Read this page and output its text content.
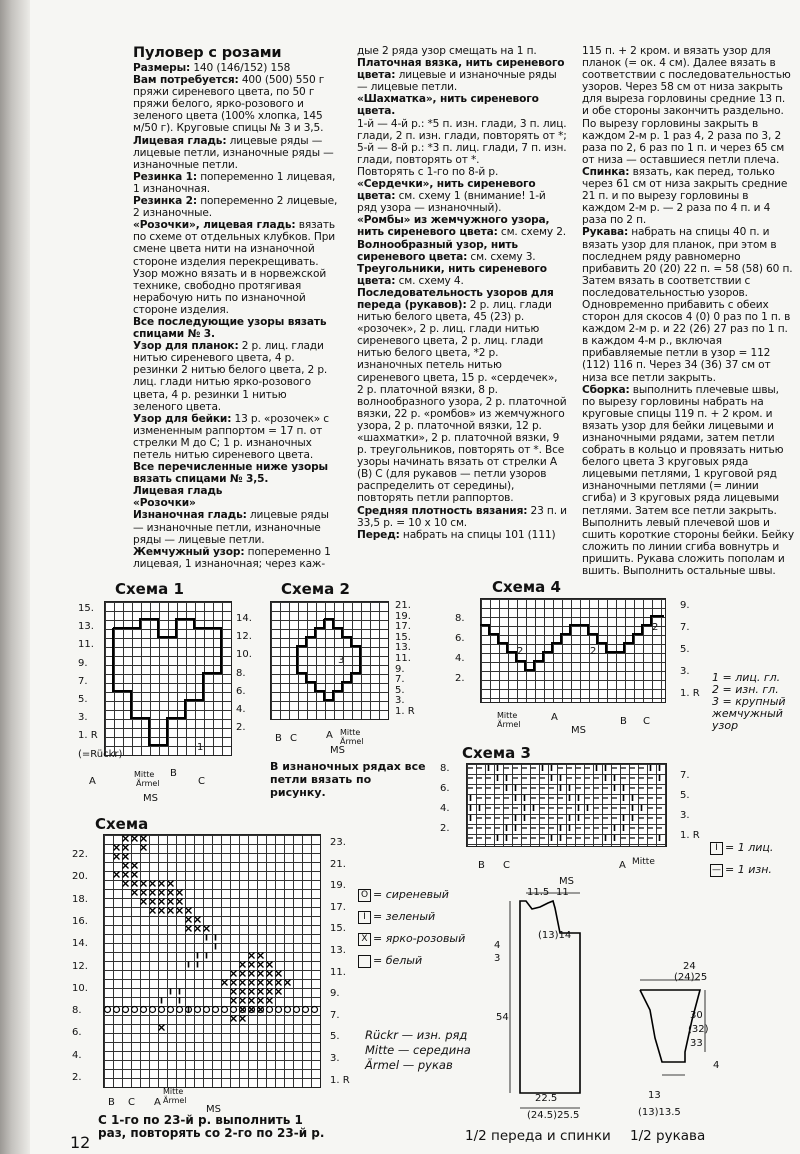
Пуловер с розами

Размеры: 140 (146/152) 158

Вам потребуется: 400 (500) 550 г пряжи сиреневого цвета, по 50 г пряжи белого, ярко-розового и зеленого цвета (100% хлопка, 145 м/50 г). Круговые спицы № 3 и 3,5.

Лицевая гладь: лицевые ряды — лицевые петли, изнаночные ряды — изнаночные петли.

Резинка 1: попеременно 1 лицевая, 1 изнаночная.

Резинка 2: попеременно 2 лицевые, 2 изнаночные.

«Розочки», лицевая гладь: вязать по схеме от отдельных клубков. При смене цвета нити на изнаночной стороне изделия перекрещивать. Узор можно вязать и в норвежской технике, свободно протягивая нерабочую нить по изнаночной стороне изделия.

Все последующие узоры вязать спицами № 3.

Узор для планок: 2 р. лиц. глади нитью сиреневого цвета, 4 р. резинки 2 нитью белого цвета, 2 р. лиц. глади нитью ярко-розового цвета, 4 р. резинки 1 нитью зеленого цвета.

Узор для бейки: 13 р. «розочек» с измененным раппортом = 17 п. от стрелки М до С; 1 р. изнаночных петель нитью сиреневого цвета.

Все перечисленные ниже узоры вязать спицами № 3,5.

Лицевая гладь

«Розочки»

Изнаночная гладь: лицевые ряды — изнаночные петли, изнаночные ряды — лицевые петли.

Жемчужный узор: попеременно 1 лицевая, 1 изнаночная; через каж-

дые 2 ряда узор смещать на 1 п.

Платочная вязка, нить сиреневого цвета: лицевые и изнаночные ряды — лицевые петли.

«Шахматка», нить сиреневого цвета.

1-й — 4-й р.: *5 п. изн. глади, 3 п. лиц. глади, 2 п. изн. глади, повторять от *;

5-й — 8-й р.: *3 п. лиц. глади, 7 п. изн. глади, повторять от *.

Повторять с 1-го по 8-й р.

«Сердечки», нить сиреневого цвета: см. схему 1 (внимание! 1-й ряд узора — изнаночный).

«Ромбы» из жемчужного узора, нить сиреневого цвета: см. схему 2.

Волнообразный узор, нить сиреневого цвета: см. схему 3.

Треугольники, нить сиреневого цвета: см. схему 4.

Последовательность узоров для переда (рукавов): 2 р. лиц. глади нитью белого цвета, 45 (23) р. «розочек», 2 р. лиц. глади нитью сиреневого цвета, 2 р. лиц. глади нитью белого цвета, *2 р. изнаночных петель нитью сиреневого цвета, 15 р. «сердечек», 2 р. платочной вязки, 8 р. волнообразного узора, 2 р. платочной вязки, 22 р. «ромбов» из жемчужного узора, 2 р. платочной вязки, 12 р. «шахматки», 2 р. платочной вязки, 9 р. треугольников, повторять от *. Все узоры начинать вязать от стрелки А (В) С (для рукавов — петли узоров распределить от середины), повторять петли раппортов.

Средняя плотность вязания: 23 п. и 33,5 р. = 10 х 10 см.

Перед: набрать на спицы 101 (111)

115 п. + 2 кром. и вязать узор для планок (= ок. 4 см). Далее вязать в соответствии с последовательностью узоров. Через 58 см от низа закрыть для выреза горловины средние 13 п. и обе стороны закончить раздельно. По вырезу горловины закрыть в каждом 2-м р. 1 раз 4, 2 раза по 3, 2 раза по 2, 6 раз по 1 п. и через 65 см от низа — оставшиеся петли плеча.

Спинка: вязать, как перед, только через 61 см от низа закрыть средние 21 п. и по вырезу горловины в каждом 2-м р. — 2 раза по 4 п. и 4 раза по 2 п.

Рукава: набрать на спицы 40 п. и вязать узор для планок, при этом в последнем ряду равномерно прибавить 20 (20) 22 п. = 58 (58) 60 п. Затем вязать в соответствии с последовательностью узоров. Одновременно прибавить с обеих сторон для скосов 4 (0) 0 раз по 1 п. в каждом 2-м р. и 22 (26) 27 раз по 1 п. в каждом 4-м р., включая прибавляемые петли в узор = 112 (112) 116 п. Через 34 (36) 37 см от низа все петли закрыть.

Сборка: выполнить плечевые швы, по вырезу горловины набрать на круговые спицы 119 п. + 2 кром. и вязать узор для бейки лицевыми и изнаночными рядами, затем петли собрать в кольцо и провязать нитью белого цвета 3 круговых ряда лицевыми петлями, 1 круговой ряд изнаночными петлями (= линии сгиба) и 3 круговых ряда лицевыми петлями. Затем все петли закрыть. Выполнить левый плечевой шов и сшить короткие стороны бейки. Бейку сложить по линии сгиба вовнутрь и пришить. Рукава сложить пополам и вшить. Выполнить остальные швы.

Схема 1
1
15.
13.
11.
9.
7.
5.
3.
1. R
(=Rückr)
14.
12.
10.
8.
6.
4.
2.
A
Mitte
Ärmel
B
C
MS
Схема 2
3
21.
19.
17.
15.
13.
11.
9.
7.
5.
3.
1. R
B C	A Mitte Ärmel
MS
В изнаночных рядах все петли вязать по рисунку.
Схема 4
2	2
2
8.
6.
4.
2.
9.
7.
5.
3.
1. R
Mitte Ärmel
A	B C
MS
1 = лиц. гл.
2 = изн. гл.
3 = крупный жемчужный узор
Схема 3
8.
6.
4.
2.
7.
5.
3.
1. R
B C	A Mitte
MS
I = 1 лиц.
— = 1 изн.
Схема
22.
20.
18.
16.
14.
12.
10.
8.
6.
4.
2.
23.
21.
19.
17.
15.
13.
11.
9.
7.
5.
3.
1. R
B C A
Mitte Ärmel
MS
С 1-го по 23-й р. выполнить 1 раз, повторять со 2-го по 23-й р.
O = сиреневый
I = зеленый
X = ярко-розовый
= белый
Rückr — изн. ряд
Mitte — середина
Ärmel — рукав
11.5 11
(13)14
4
3
54
22.5
(24.5)25.5
1/2 переда и спинки
24
(24)25
30
(32)
33
4
13
(13)13.5
1/2 рукава
12
